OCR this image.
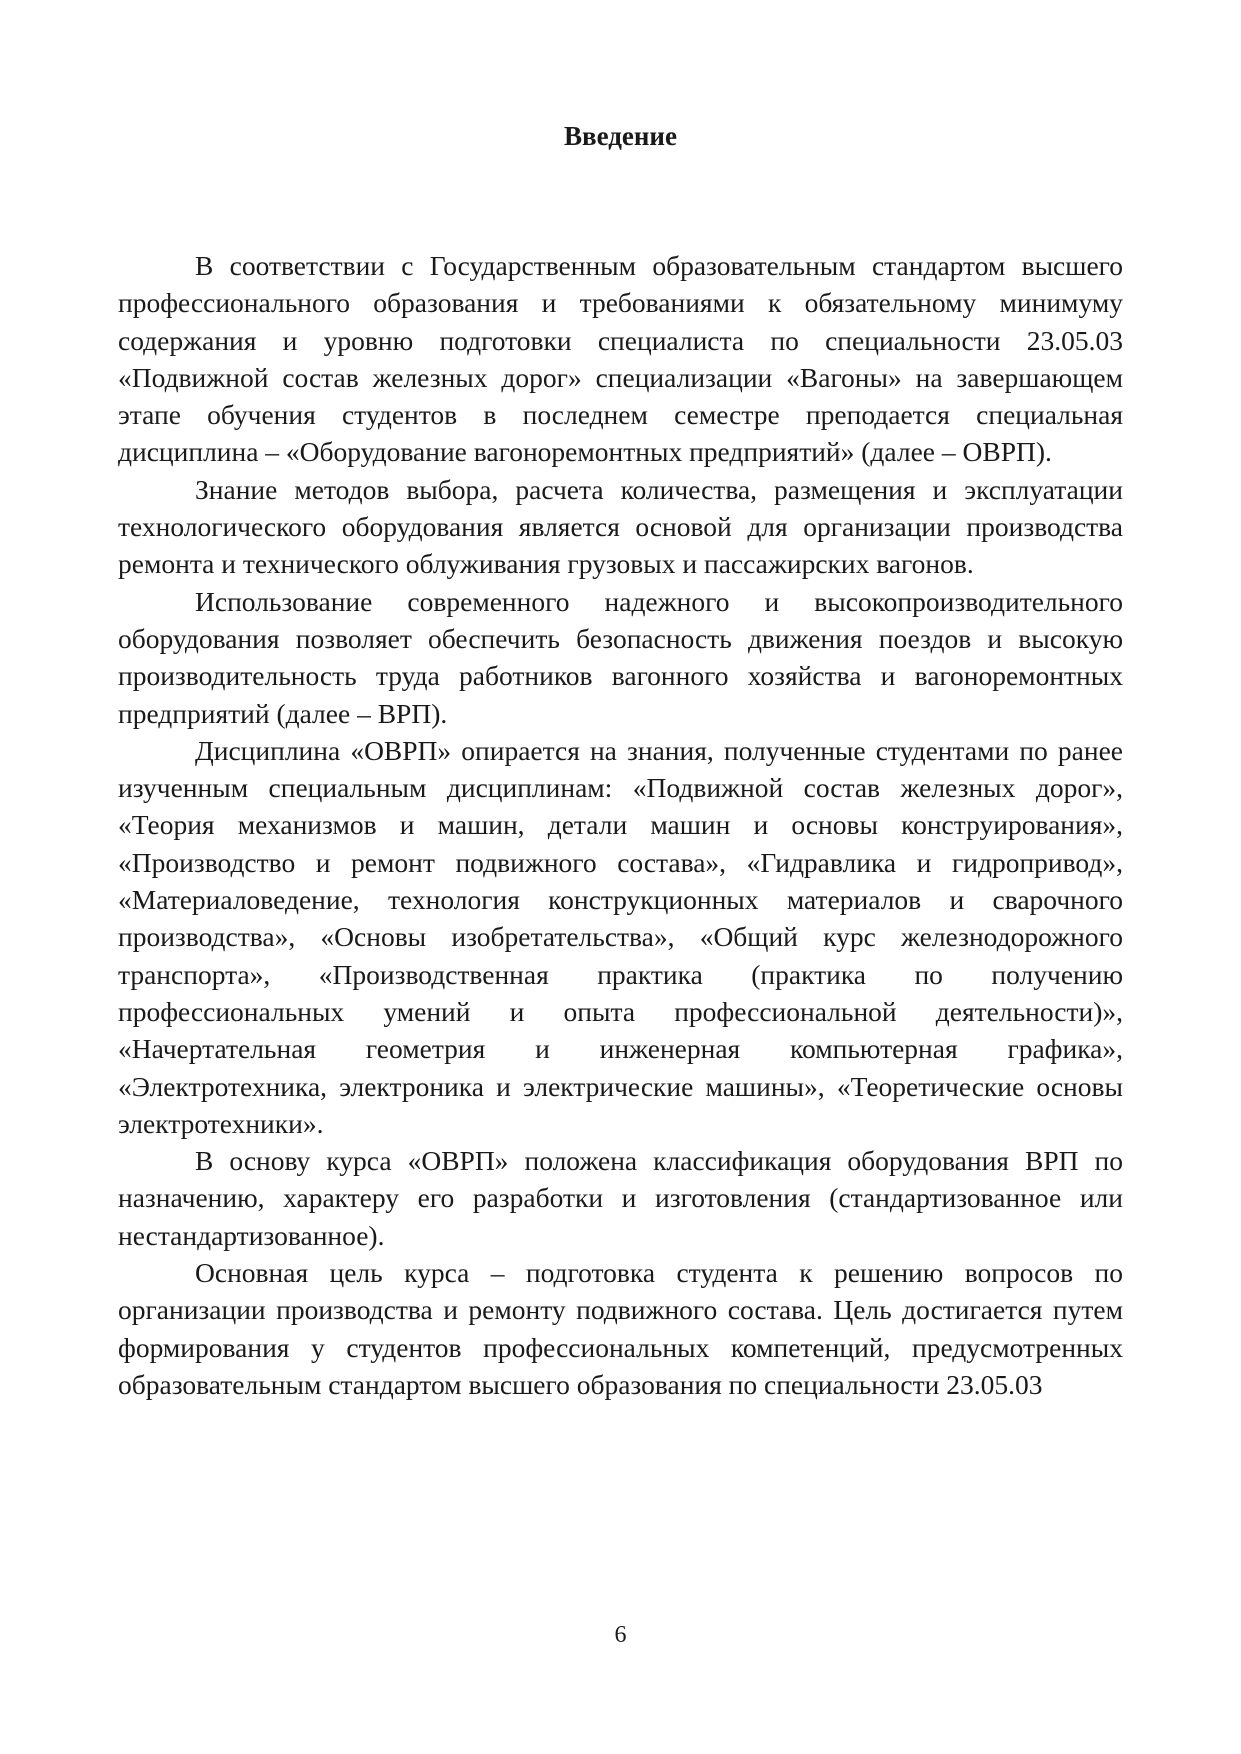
Введение

В соответствии с Государственным образовательным стандартом высшего профессионального образования и требованиями к обязательному минимуму содержания и уровню подготовки специалиста по специальности 23.05.03 «Подвижной состав железных дорог» специализации «Вагоны» на завершающем этапе обучения студентов в последнем семестре преподается специальная дисциплина – «Оборудование вагоноремонтных предприятий» (далее – ОВРП).

Знание методов выбора, расчета количества, размещения и эксплуатации технологического оборудования является основой для организации производства ремонта и технического облуживания грузовых и пассажирских вагонов.

Использование современного надежного и высокопроизводительного оборудования позволяет обеспечить безопасность движения поездов и высокую производительность труда работников вагонного хозяйства и вагоноремонтных предприятий (далее – ВРП).

Дисциплина «ОВРП» опирается на знания, полученные студентами по ранее изученным специальным дисциплинам: «Подвижной состав железных дорог», «Теория механизмов и машин, детали машин и основы конструирования», «Производство и ремонт подвижного состава», «Гидравлика и гидропривод», «Материаловедение, технология конструкционных материалов и сварочного производства», «Основы изобретательства», «Общий курс железнодорожного транспорта», «Производственная практика (практика по получению профессиональных умений и опыта профессиональной деятельности)», «Начертательная геометрия и инженерная компьютерная графика», «Электротехника, электроника и электрические машины», «Теоретические основы электротехники».

В основу курса «ОВРП» положена классификация оборудования ВРП по назначению, характеру его разработки и изготовления (стандартизованное или нестандартизованное).

Основная цель курса – подготовка студента к решению вопросов по организации производства и ремонту подвижного состава. Цель достигается путем формирования у студентов профессиональных компетенций, предусмотренных образовательным стандартом высшего образования по специальности 23.05.03

6
